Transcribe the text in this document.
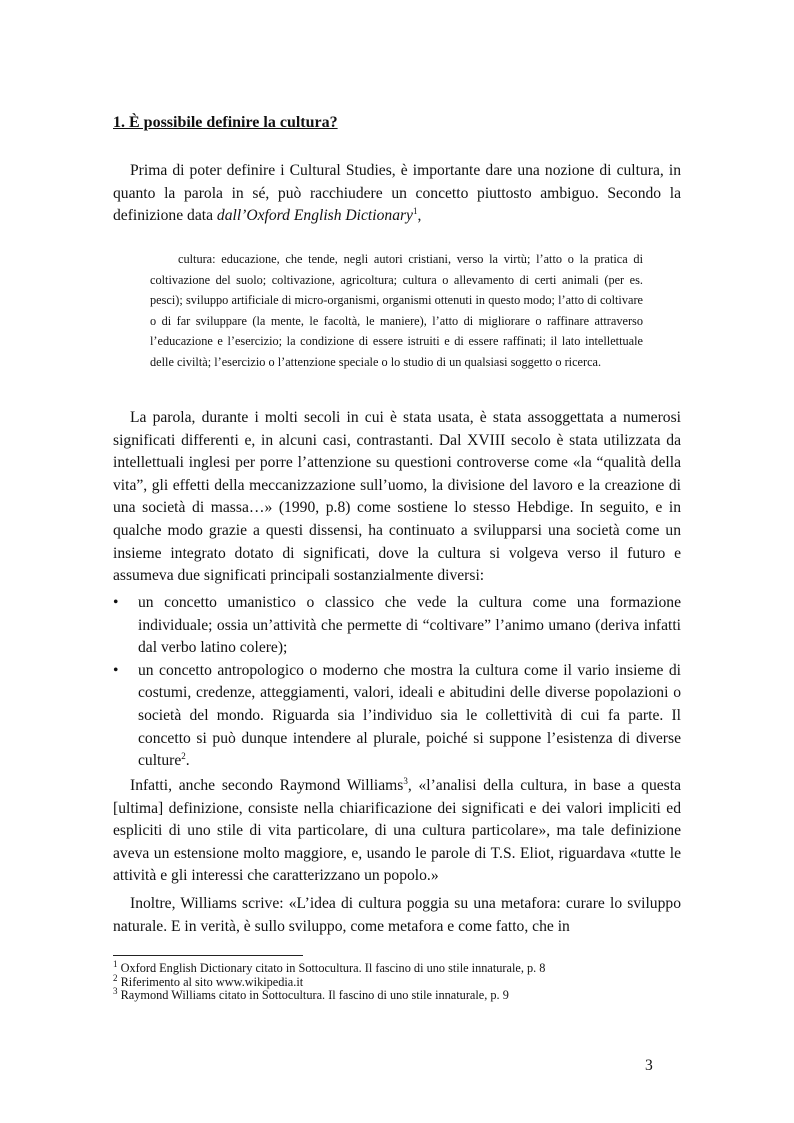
1. È possibile definire la cultura?

Prima di poter definire i Cultural Studies, è importante dare una nozione di cultura, in quanto la parola in sé, può racchiudere un concetto piuttosto ambiguo. Secondo la definizione data dall’Oxford English Dictionary$^1$,

cultura: educazione, che tende, negli autori cristiani, verso la virtù; l’atto o la pratica di coltivazione del suolo; coltivazione, agricoltura; cultura o allevamento di certi animali (per es. pesci); sviluppo artificiale di micro-organismi, organismi ottenuti in questo modo; l’atto di coltivare o di far sviluppare (la mente, le facoltà, le maniere), l’atto di migliorare o raffinare attraverso l’educazione e l’esercizio; la condizione di essere istruiti e di essere raffinati; il lato intellettuale delle civiltà; l’esercizio o l’attenzione speciale o lo studio di un qualsiasi soggetto o ricerca.

La parola, durante i molti secoli in cui è stata usata, è stata assoggettata a numerosi significati differenti e, in alcuni casi, contrastanti. Dal XVIII secolo è stata utilizzata da intellettuali inglesi per porre l’attenzione su questioni controverse come «la “qualità della vita”, gli effetti della meccanizzazione sull’uomo, la divisione del lavoro e la creazione di una società di massa…» (1990, p.8) come sostiene lo stesso Hebdige. In seguito, e in qualche modo grazie a questi dissensi, ha continuato a svilupparsi una società come un insieme integrato dotato di significati, dove la cultura si volgeva verso il futuro e assumeva due significati principali sostanzialmente diversi:

• un concetto umanistico o classico che vede la cultura come una formazione individuale; ossia un’attività che permette di “coltivare” l’animo umano (deriva infatti dal verbo latino colere);
• un concetto antropologico o moderno che mostra la cultura come il vario insieme di costumi, credenze, atteggiamenti, valori, ideali e abitudini delle diverse popolazioni o società del mondo. Riguarda sia l’individuo sia le collettività di cui fa parte. Il concetto si può dunque intendere al plurale, poiché si suppone l’esistenza di diverse culture$^2$.

Infatti, anche secondo Raymond Williams$^3$, «l’analisi della cultura, in base a questa [ultima] definizione, consiste nella chiarificazione dei significati e dei valori impliciti ed espliciti di uno stile di vita particolare, di una cultura particolare», ma tale definizione aveva un estensione molto maggiore, e, usando le parole di T.S. Eliot, riguardava «tutte le attività e gli interessi che caratterizzano un popolo.»

Inoltre, Williams scrive: «L’idea di cultura poggia su una metafora: curare lo sviluppo naturale. E in verità, è sullo sviluppo, come metafora e come fatto, che in

$^1$ Oxford English Dictionary citato in Sottocultura. Il fascino di uno stile innaturale, p. 8
$^2$ Riferimento al sito www.wikipedia.it
$^3$ Raymond Williams citato in Sottocultura. Il fascino di uno stile innaturale, p. 9
3
